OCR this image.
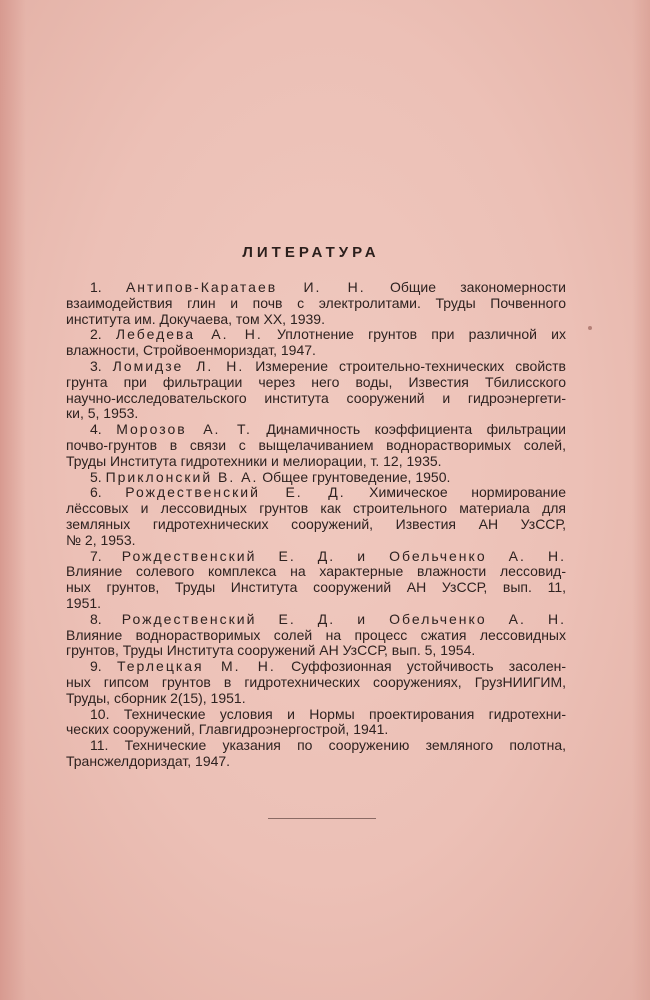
ЛИТЕРАТУРА
1. Антипов-Каратаев И. Н. Общие закономерности
взаимодействия глин и почв с электролитами. Труды Почвенного
института им. Докучаева, том XX, 1939.
2. Лебедева А. Н. Уплотнение грунтов при различной их
влажности, Стройвоенмориздат, 1947.
3. Ломидзе Л. Н. Измерение строительно-технических свойств
грунта при фильтрации через него воды, Известия Тбилисского
научно-исследовательского института сооружений и гидроэнергети-
ки, 5, 1953.
4. Морозов А. Т. Динамичность коэффициента фильтрации
почво-грунтов в связи с выщелачиванием воднорастворимых солей,
Труды Института гидротехники и мелиорации, т. 12, 1935.
5. Приклонский В. А. Общее грунтоведение, 1950.
6. Рождественский Е. Д. Химическое нормирование
лёссовых и лессовидных грунтов как строительного материала для
земляных гидротехнических сооружений, Известия АН УзССР,
№ 2, 1953.
7. Рождественский Е. Д. и Обельченко А. Н.
Влияние солевого комплекса на характерные влажности лессовид-
ных грунтов, Труды Института сооружений АН УзССР, вып. 11,
1951.
8. Рождественский Е. Д. и Обельченко А. Н.
Влияние воднорастворимых солей на процесс сжатия лессовидных
грунтов, Труды Института сооружений АН УзССР, вып. 5, 1954.
9. Терлецкая М. Н. Суффозионная устойчивость засолен-
ных гипсом грунтов в гидротехнических сооружениях, ГрузНИИГИМ,
Труды, сборник 2(15), 1951.
10. Технические условия и Нормы проектирования гидротехни-
ческих сооружений, Главгидроэнергострой, 1941.
11. Технические указания по сооружению земляного полотна,
Трансжелдориздат, 1947.
